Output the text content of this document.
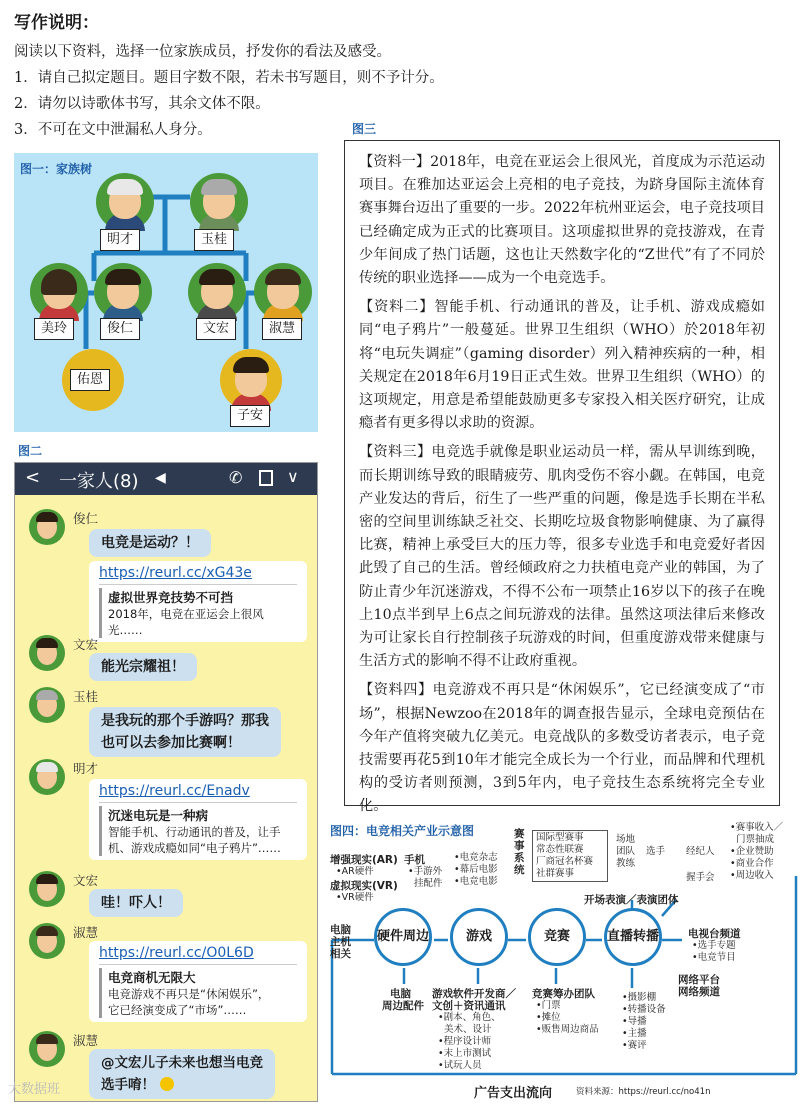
写作说明：
阅读以下资料，选择一位家族成员，抒发你的看法及感受。
1．请自己拟定题目。题目字数不限，若未书写题目，则不予计分。
2．请勿以诗歌体书写，其余文体不限。
3．不可在文中泄漏私人身分。
明才	玉桂
美玲	俊仁	文宏	淑慧
佑恩
子安
图一：家族树
图二
< 一家人(8) ◀	✆	∨
俊仁
电竞是运动？！
https://reurl.cc/xG43e
虚拟世界竞技势不可挡
2018年，电竞在亚运会上很风光……
文宏
能光宗耀祖！
玉桂
是我玩的那个手游吗？那我
也可以去参加比赛啊！
明才
https://reurl.cc/Enadv
沉迷电玩是一种病
智能手机、行动通讯的普及，让手
机、游戏成瘾如同“电子鸦片”……
文宏
哇！吓人！
淑慧
https://reurl.cc/O0L6D
电竞商机无限大
电竞游戏不再只是“休闲娱乐”，
它已经演变成了“市场”……
淑慧
@文宏儿子未来也想当电竞
选手唷！
大数据班
图三

【资料一】2018年，电竞在亚运会上很风光，首度成为示范运动项目。在雅加达亚运会上亮相的电子竞技，为跻身国际主流体育赛事舞台迈出了重要的一步。2022年杭州亚运会，电子竞技项目已经确定成为正式的比赛项目。这项虚拟世界的竞技游戏，在青少年间成了热门话题，这也让天然数字化的“Z世代”有了不同於传统的职业选择——成为一个电竞选手。

【资料二】智能手机、行动通讯的普及，让手机、游戏成瘾如同“电子鸦片”一般蔓延。世界卫生组织（WHO）於2018年初将“电玩失调症”（gaming disorder）列入精神疾病的一种，相关规定在2018年6月19日正式生效。世界卫生组织（WHO）的这项规定，用意是希望能鼓励更多专家投入相关医疗研究，让成瘾者有更多得以求助的资源。

【资料三】电竞选手就像是职业运动员一样，需从早训练到晚，而长期训练导致的眼睛疲劳、肌肉受伤不容小觑。在韩国，电竞产业发达的背后，衍生了一些严重的问题，像是选手长期在半私密的空间里训练缺乏社交、长期吃垃圾食物影响健康、为了赢得比赛，精神上承受巨大的压力等，很多专业选手和电竞爱好者因此毁了自己的生活。曾经倾政府之力扶植电竞产业的韩国，为了防止青少年沉迷游戏，不得不公布一项禁止16岁以下的孩子在晚上10点半到早上6点之间玩游戏的法律。虽然这项法律后来修改为可让家长自行控制孩子玩游戏的时间，但重度游戏带来健康与生活方式的影响不得不让政府重视。

【资料四】电竞游戏不再只是“休闲娱乐”，它已经演变成了“市场”，根据Newzoo在2018年的调查报告显示，全球电竞预估在今年产值将突破九亿美元。电竞战队的多数受访者表示，电子竞技需要再花5到10年才能完全成长为一个行业，而品牌和代理机构的受访者则预测，3到5年内，电子竞技生态系统将完全专业化。

图四：电竞相关产业示意图
硬件周边	游戏	竞赛	直播转播
增强现实(AR)
•AR硬件
虚拟现实(VR)
•VR硬件
手机
•手游外
挂配件
电脑主机相关
•电竞杂志
•幕后电影
•电竞电影
赛事系统
国际型赛事
常态性联赛
厂商冠名杯赛
社群赛事
场地
团队
教练
选手 经纪人
握手会
•赛事收入／
门票抽成
•企业赞助
•商业合作
•周边收入
开场表演／表演团体
电视台频道
•选手专题
•电竞节目
网络平台
网络频道
电脑
周边配件
游戏软件开发商／
文创＋资讯通讯
•剧本、角色、
美术、设计
•程序设计师
•末上市测试
•试玩人员
竞赛筹办团队
•门票
•摊位
•贩售周边商品
•摄影棚
•转播设备
•导播
•主播
•赛评
广告支出流向	资料来源：https://reurl.cc/no41n
